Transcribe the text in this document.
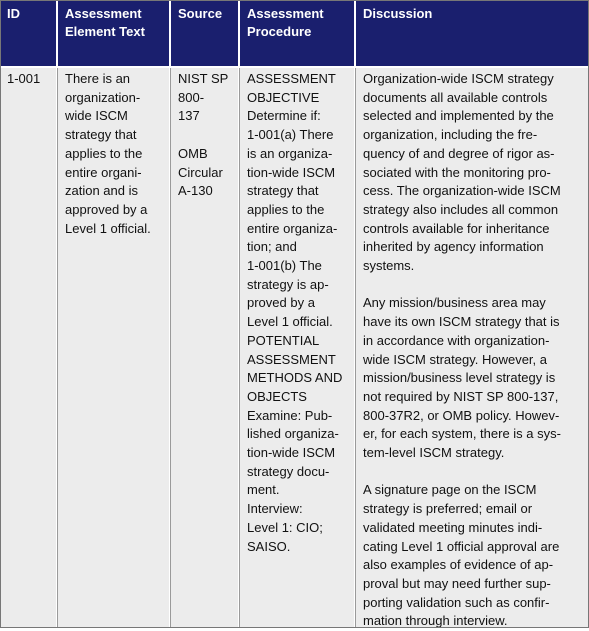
ID	Assessment
Element Text
Source Assessment
Procedure
Discussion
1-001 There is an
organization-
wide ISCM
strategy that
applies to the
entire organi-
zation and is
approved by a
Level 1 official.
NIST SP
800-
137

OMB
Circular
A-130
ASSESSMENT
OBJECTIVE
Determine if:
1-001(a) There
is an organiza-
tion-wide ISCM
strategy that
applies to the
entire organiza-
tion; and
1-001(b) The
strategy is ap-
proved by a
Level 1 official.
POTENTIAL
ASSESSMENT
METHODS AND
OBJECTS
Examine: Pub-
lished organiza-
tion-wide ISCM
strategy docu-
ment.
Interview:
Level 1: CIO;
SAISO.
Organization-wide ISCM strategy
documents all available controls
selected and implemented by the
organization, including the fre-
quency of and degree of rigor as-
sociated with the monitoring pro-
cess. The organization-wide ISCM
strategy also includes all common
controls available for inheritance
inherited by agency information
systems.

Any mission/business area may
have its own ISCM strategy that is
in accordance with organization-
wide ISCM strategy. However, a
mission/business level strategy is
not required by NIST SP 800-137,
800-37R2, or OMB policy. Howev-
er, for each system, there is a sys-
tem-level ISCM strategy.

A signature page on the ISCM
strategy is preferred; email or
validated meeting minutes indi-
cating Level 1 official approval are
also examples of evidence of ap-
proval but may need further sup-
porting validation such as confir-
mation through interview.
